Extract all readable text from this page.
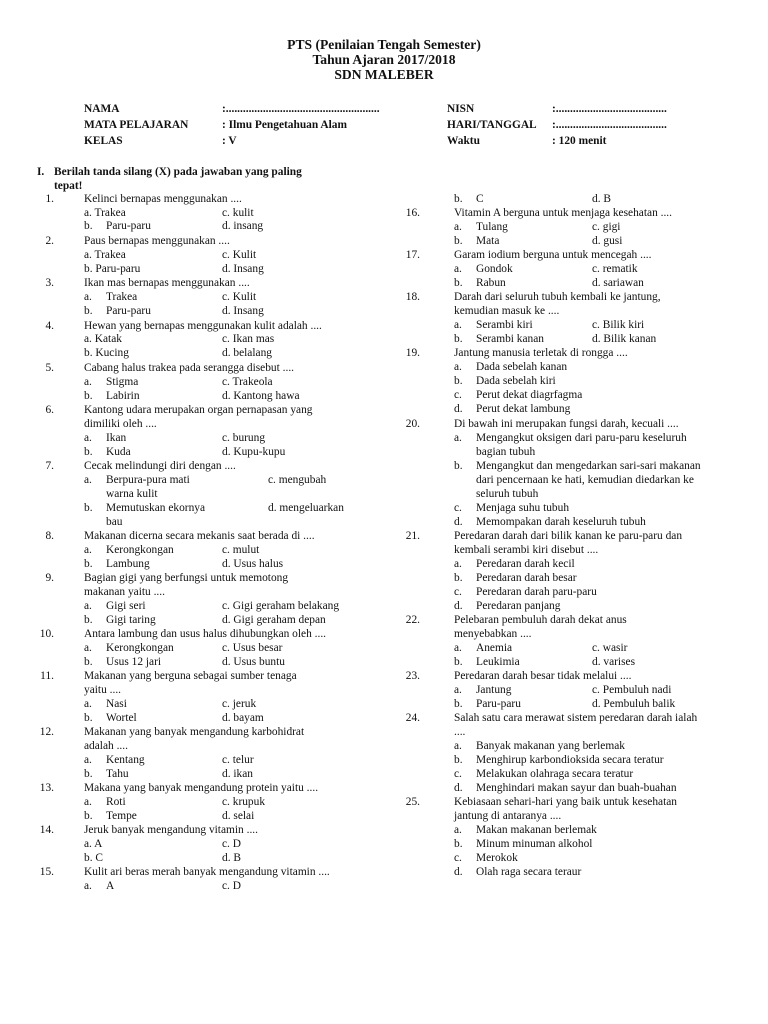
PTS (Penilaian Tengah Semester)
Tahun Ajaran 2017/2018
SDN MALEBER
NAMA	:......................................................
MATA PELAJARAN	: Ilmu Pengetahuan Alam
KELAS	: V
NISN	:.......................................
HARI/TANGGAL :.......................................
Waktu	: 120 menit
I. Berilah tanda silang (X) pada jawaban yang paling
tepat!
1.	Kelinci bernapas menggunakan ....
a. Trakea	c. kulit
b. Paru-paru	d. insang
2.	Paus bernapas menggunakan ....
a. Trakea	c. Kulit
b. Paru-paru	d. Insang
3.	Ikan mas bernapas menggunakan ....
a. Trakea	c. Kulit
b. Paru-paru	d. Insang
4.	Hewan yang bernapas menggunakan kulit adalah ....
a. Katak	c. Ikan mas
b. Kucing	d. belalang
5.	Cabang halus trakea pada serangga disebut ....
a. Stigma	c. Trakeola
b. Labirin	d. Kantong hawa
6.	Kantong udara merupakan organ pernapasan yang
dimiliki oleh ....
a. Ikan	c. burung
b. Kuda	d. Kupu-kupu
7.	Cecak melindungi diri dengan ....
a. Berpura-pura mati	c. mengubah
warna kulit
b. Memutuskan ekornya	d. mengeluarkan
bau
8.	Makanan dicerna secara mekanis saat berada di ....
a. Kerongkongan	c. mulut
b. Lambung	d. Usus halus
9.	Bagian gigi yang berfungsi untuk memotong
makanan yaitu ....
a. Gigi seri	c. Gigi geraham belakang
b. Gigi taring	d. Gigi geraham depan
10.	Antara lambung dan usus halus dihubungkan oleh ....
a. Kerongkongan	c. Usus besar
b. Usus 12 jari	d. Usus buntu
11.	Makanan yang berguna sebagai sumber tenaga
yaitu ....
a. Nasi	c. jeruk
b. Wortel	d. bayam
12.	Makanan yang banyak mengandung karbohidrat
adalah ....
a. Kentang	c. telur
b. Tahu	d. ikan
13.	Makana yang banyak mengandung protein yaitu ....
a. Roti	c. krupuk
b. Tempe	d. selai
14.	Jeruk banyak mengandung vitamin ....
a. A	c. D
b. C	d. B
15.	Kulit ari beras merah banyak mengandung vitamin ....
a. A	c. D
b. C	d. B
16.	Vitamin A berguna untuk menjaga kesehatan ....
a. Tulang	c. gigi
b. Mata	d. gusi
17.	Garam iodium berguna untuk mencegah ....
a. Gondok	c. rematik
b. Rabun	d. sariawan
18.	Darah dari seluruh tubuh kembali ke jantung,
kemudian masuk ke ....
a. Serambi kiri	c. Bilik kiri
b. Serambi kanan	d. Bilik kanan
19.	Jantung manusia terletak di rongga ....
a. Dada sebelah kanan
b. Dada sebelah kiri
c. Perut dekat diagrfagma
d. Perut dekat lambung
20.	Di bawah ini merupakan fungsi darah, kecuali ....
a. Mengangkut oksigen dari paru-paru keseluruh
bagian tubuh
b. Mengangkut dan mengedarkan sari-sari makanan
dari pencernaan ke hati, kemudian diedarkan ke
seluruh tubuh
c. Menjaga suhu tubuh
d. Memompakan darah keseluruh tubuh
21.	Peredaran darah dari bilik kanan ke paru-paru dan
kembali serambi kiri disebut ....
a. Peredaran darah kecil
b. Peredaran darah besar
c. Peredaran darah paru-paru
d. Peredaran panjang
22.	Pelebaran pembuluh darah dekat anus
menyebabkan ....
a. Anemia	c. wasir
b. Leukimia	d. varises
23.	Peredaran darah besar tidak melalui ....
a. Jantung	c. Pembuluh nadi
b. Paru-paru	d. Pembuluh balik
24.	Salah satu cara merawat sistem peredaran darah ialah
....
a. Banyak makanan yang berlemak
b. Menghirup karbondioksida secara teratur
c. Melakukan olahraga secara teratur
d. Menghindari makan sayur dan buah-buahan
25.	Kebiasaan sehari-hari yang baik untuk kesehatan
jantung di antaranya ....
a. Makan makanan berlemak
b. Minum minuman alkohol
c. Merokok
d. Olah raga secara teraur
